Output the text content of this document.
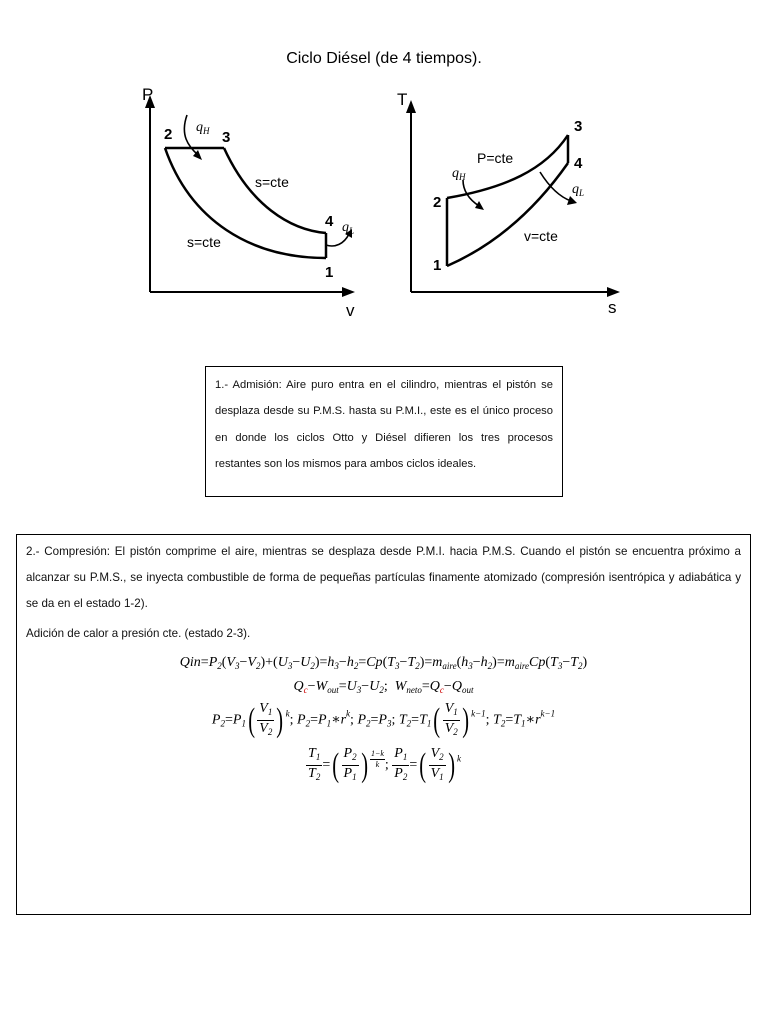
Ciclo Diésel (de 4 tiempos).
P
v
2	3
4
1
$q_H$
$q_L$
s=cte
s=cte
T
s
1
2
3
4
$q_H$
$q_L$
P=cte
v=cte
1.- Admisión: Aire puro entra en el cilindro, mientras el pistón se desplaza desde su P.M.S. hasta su P.M.I., este es el único proceso en donde los ciclos Otto y Diésel difieren los tres procesos restantes son los mismos para ambos ciclos ideales.

2.- Compresión: El pistón comprime el aire, mientras se desplaza desde P.M.I. hacia P.M.S. Cuando el pistón se encuentra próximo a alcanzar su P.M.S., se inyecta combustible de forma de pequeñas partículas finamente atomizado (compresión isentrópica y adiabática y se da en el estado 1-2).

Adición de calor a presión cte. (estado 2-3).

$Qin=P_2(V_3-V_2)+(U_3-U_2)=h_3-h_2=Cp(T_3-T_2)=m_{aire}(h_3-h_2)=m_{aire}Cp(T_3-T_2)$
$Q_c-W_{out}=U_3-U_2$;  $W_{neto}=Q_c-Q_{out}$
$P_2=P_1( \frac{V_1}{V_2}$ ) $^k$; $P_2=P_1∗r^k$; $P_2=P_3$; $T_2=T_1( \frac{V_1}{V_2}$ ) $^{k-1}$; $T_2=T_1∗r^{k-1}$
$\frac{T_1}{T_2}$ =( $\frac{P_2}{P_1}$ ) $^{\frac{1-k}{k}}$ ; $\frac{P_1}{P_2}$ =( $\frac{V_2}{V_1}$ ) $^k$
